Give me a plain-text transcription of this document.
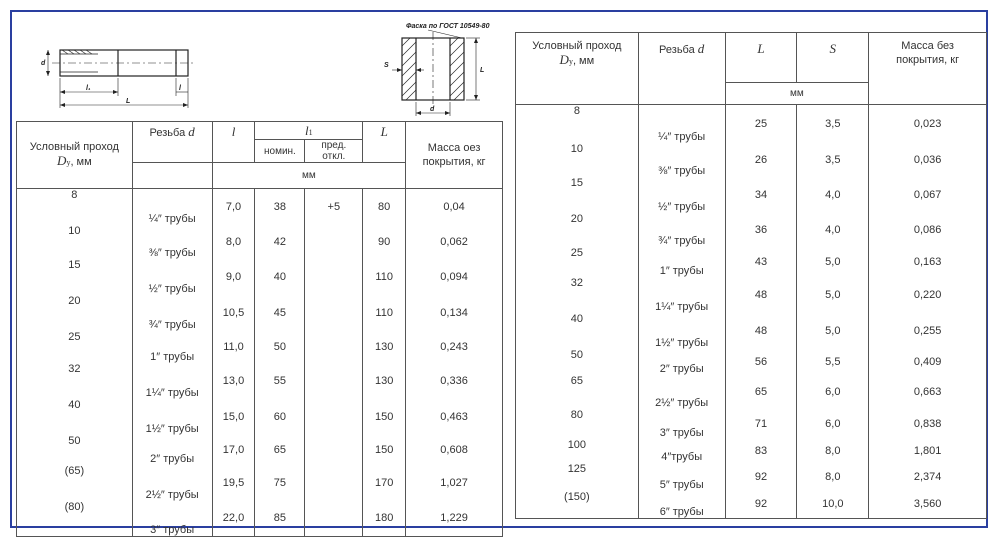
d
l₁
L
l
Фаска по ГОСТ 10549-80
S
L
d
Условный проход
Dу, мм	Резьба d	l	l1		L	Масса оез
покрытия, кг
			номин.	пред.
откл.		
		мм				
8	¼″ трубы	7,0	38	+5	80	0,04
10	⅜″ трубы	8,0	42		90	0,062
15	½″ трубы	9,0	40		110	0,094
20	¾″ трубы	10,5	45		110	0,134
25	1″ трубы	11,0	50		130	0,243
32	1¼″ трубы	13,0	55		130	0,336
40	1½″ трубы	15,0	60		150	0,463
50	2″ трубы	17,0	65		150	0,608
(65)	2½″ трубы	19,5	75		170	1,027
(80)	3″ трубы	22,0	85		180	1,229
Условный проход
Dу, мм	Резьба d	L	S	Масса без
покрытия, кг
		мм		
8	¼″ трубы	25	3,5	0,023
10	⅜″ трубы	26	3,5	0,036
15	½″ трубы	34	4,0	0,067
20	¾″ трубы	36	4,0	0,086
25	1″ трубы	43	5,0	0,163
32	1¼″ трубы	48	5,0	0,220
40	1½″ трубы	48	5,0	0,255
50	2″ трубы	56	5,5	0,409
65	2½″ трубы	65	6,0	0,663
80	3″ трубы	71	6,0	0,838
100	4″трубы	83	8,0	1,801
125	5″ трубы	92	8,0	2,374
(150)	6″ трубы	92	10,0	3,560
